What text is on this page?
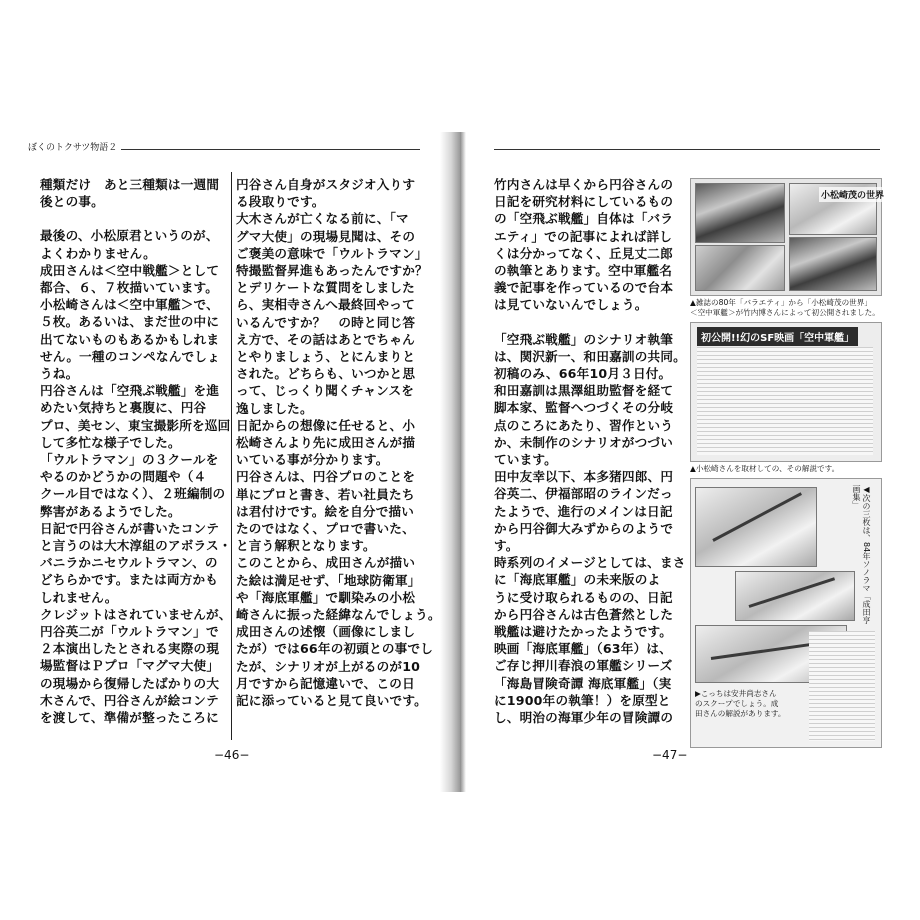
ぼくのトクサツ物語２
種類だけ　あと三種類は一週間
後との事。
最後の、小松原君というのが、
よくわかりません。
成田さんは＜空中戦艦＞として
都合、６、７枚描いています。
小松崎さんは＜空中軍艦＞で、
５枚。あるいは、まだ世の中に
出てないものもあるかもしれま
せん。一種のコンペなんでしょ
うね。
円谷さんは「空飛ぶ戦艦」を進
めたい気持ちと裏腹に、円谷
プロ、美セン、東宝撮影所を巡回
して多忙な様子でした。
「ウルトラマン」の３クールを
やるのかどうかの問題や（４
クール目ではなく）、２班編制の
弊害があるようでした。
日記で円谷さんが書いたコンテ
と言うのは大木淳組のアボラス・
バニラかニセウルトラマン、の
どちらかです。または両方かも
しれません。
クレジットはされていませんが、
円谷英二が「ウルトラマン」で
２本演出したとされる実際の現
場監督はＰプロ「マグマ大使」
の現場から復帰したばかりの大
木さんで、円谷さんが絵コンテ
を渡して、準備が整ったころに
円谷さん自身がスタジオ入りす
る段取りです。
大木さんが亡くなる前に、「マ
グマ大使」の現場見聞は、その
ご褒美の意味で「ウルトラマン」
特撮監督昇進もあったんですか？
とデリケートな質問をしました
ら、実相寺さんへ最終回やって
いるんですか？　の時と同じ答
え方で、その話はあとでちゃん
とやりましょう、とにんまりと
された。どちらも、いつかと思
って、じっくり聞くチャンスを
逸しました。
日記からの想像に任せると、小
松崎さんより先に成田さんが描
いている事が分かります。
円谷さんは、円谷プロのことを
単にプロと書き、若い社員たち
は君付けです。絵を自分で描い
たのではなく、プロで書いた、
と言う解釈となります。
このことから、成田さんが描い
た絵は満足せず、「地球防衛軍」
や「海底軍艦」で馴染みの小松
崎さんに振った経緯なんでしょう。
成田さんの述懐（画像にしまし
たが）では66年の初頭との事でし
たが、シナリオが上がるのが10
月ですから記憶違いで、この日
記に添っていると見て良いです。
−46−
竹内さんは早くから円谷さんの
日記を研究材料にしているもの
の「空飛ぶ戦艦」自体は「バラ
エティ」での記事によれば詳し
くは分かってなく、丘見丈二郎
の執筆とあります。空中軍艦名
義で記事を作っているので台本
は見ていないんでしょう。
「空飛ぶ戦艦」のシナリオ執筆
は、関沢新一、和田嘉訓の共同。
初稿のみ、66年10月３日付。
和田嘉訓は黒澤組助監督を経て
脚本家、監督へつづくその分岐
点のころにあたり、習作という
か、未制作のシナリオがつづい
ています。
田中友幸以下、本多猪四郎、円
谷英二、伊福部昭のラインだっ
たようで、進行のメインは日記
から円谷御大みずからのようで
す。
時系列のイメージとしては、まさ
に「海底軍艦」の未来版のよ
うに受け取られるものの、日記
から円谷さんは古色蒼然とした
戦艦は避けたかったようです。
映画「海底軍艦」（63年）は、
ご存じ押川春浪の軍艦シリーズ
「海島冒険奇譚 海底軍艦」（実
に1900年の執筆！）を原型と
し、明治の海軍少年の冒険譚の
−47−
小松崎茂の世界
▲雑誌の80年「バラエティ」から「小松崎茂の世界」
＜空中軍艦＞が竹内博さんによって初公開されました。
初公開!!幻のSF映画「空中軍艦」
▲小松崎さんを取材しての、その解説です。
◀次の三枚は、84年ソノラマ「成田亨画集」
▶こっちは安井尚志さん
のスクープでしょう。成
田さんの解説があります。
